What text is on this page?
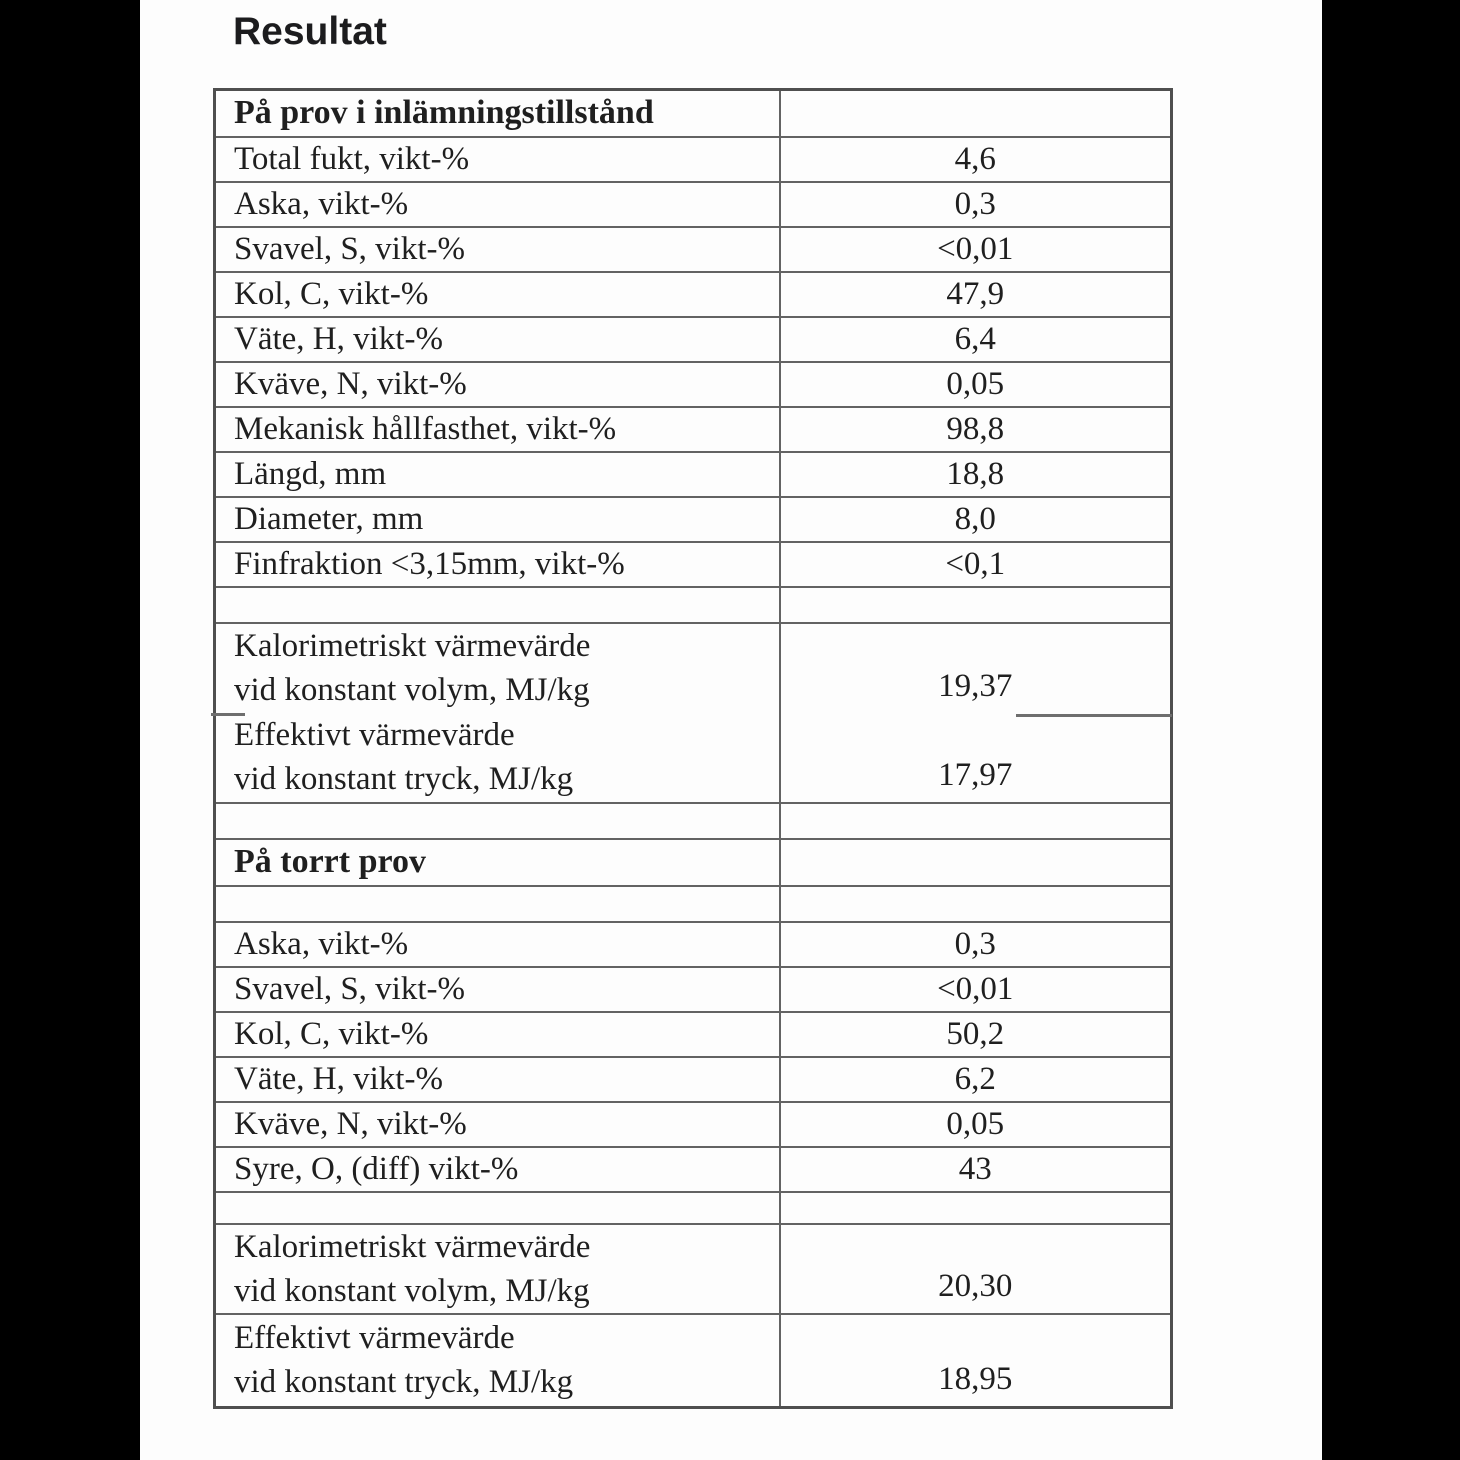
Resultat
På prov i inlämningstillstånd	
Total fukt, vikt-%	4,6
Aska, vikt-%	0,3
Svavel, S, vikt-%	<0,01
Kol, C, vikt-%	47,9
Väte, H, vikt-%	6,4
Kväve, N, vikt-%	0,05
Mekanisk hållfasthet, vikt-%	98,8
Längd, mm	18,8
Diameter, mm	8,0
Finfraktion <3,15mm, vikt-%	<0,1

Kalorimetriskt värmevärde
vid konstant volym, MJ/kg	19,37

Effektivt värmevärde
vid konstant tryck, MJ/kg	17,97

På torrt prov	

Aska, vikt-%	0,3
Svavel, S, vikt-%	<0,01
Kol, C, vikt-%	50,2
Väte, H, vikt-%	6,2
Kväve, N, vikt-%	0,05
Syre, O, (diff) vikt-%	43

Kalorimetriskt värmevärde
vid konstant volym, MJ/kg	20,30

Effektivt värmevärde
vid konstant tryck, MJ/kg	18,95
